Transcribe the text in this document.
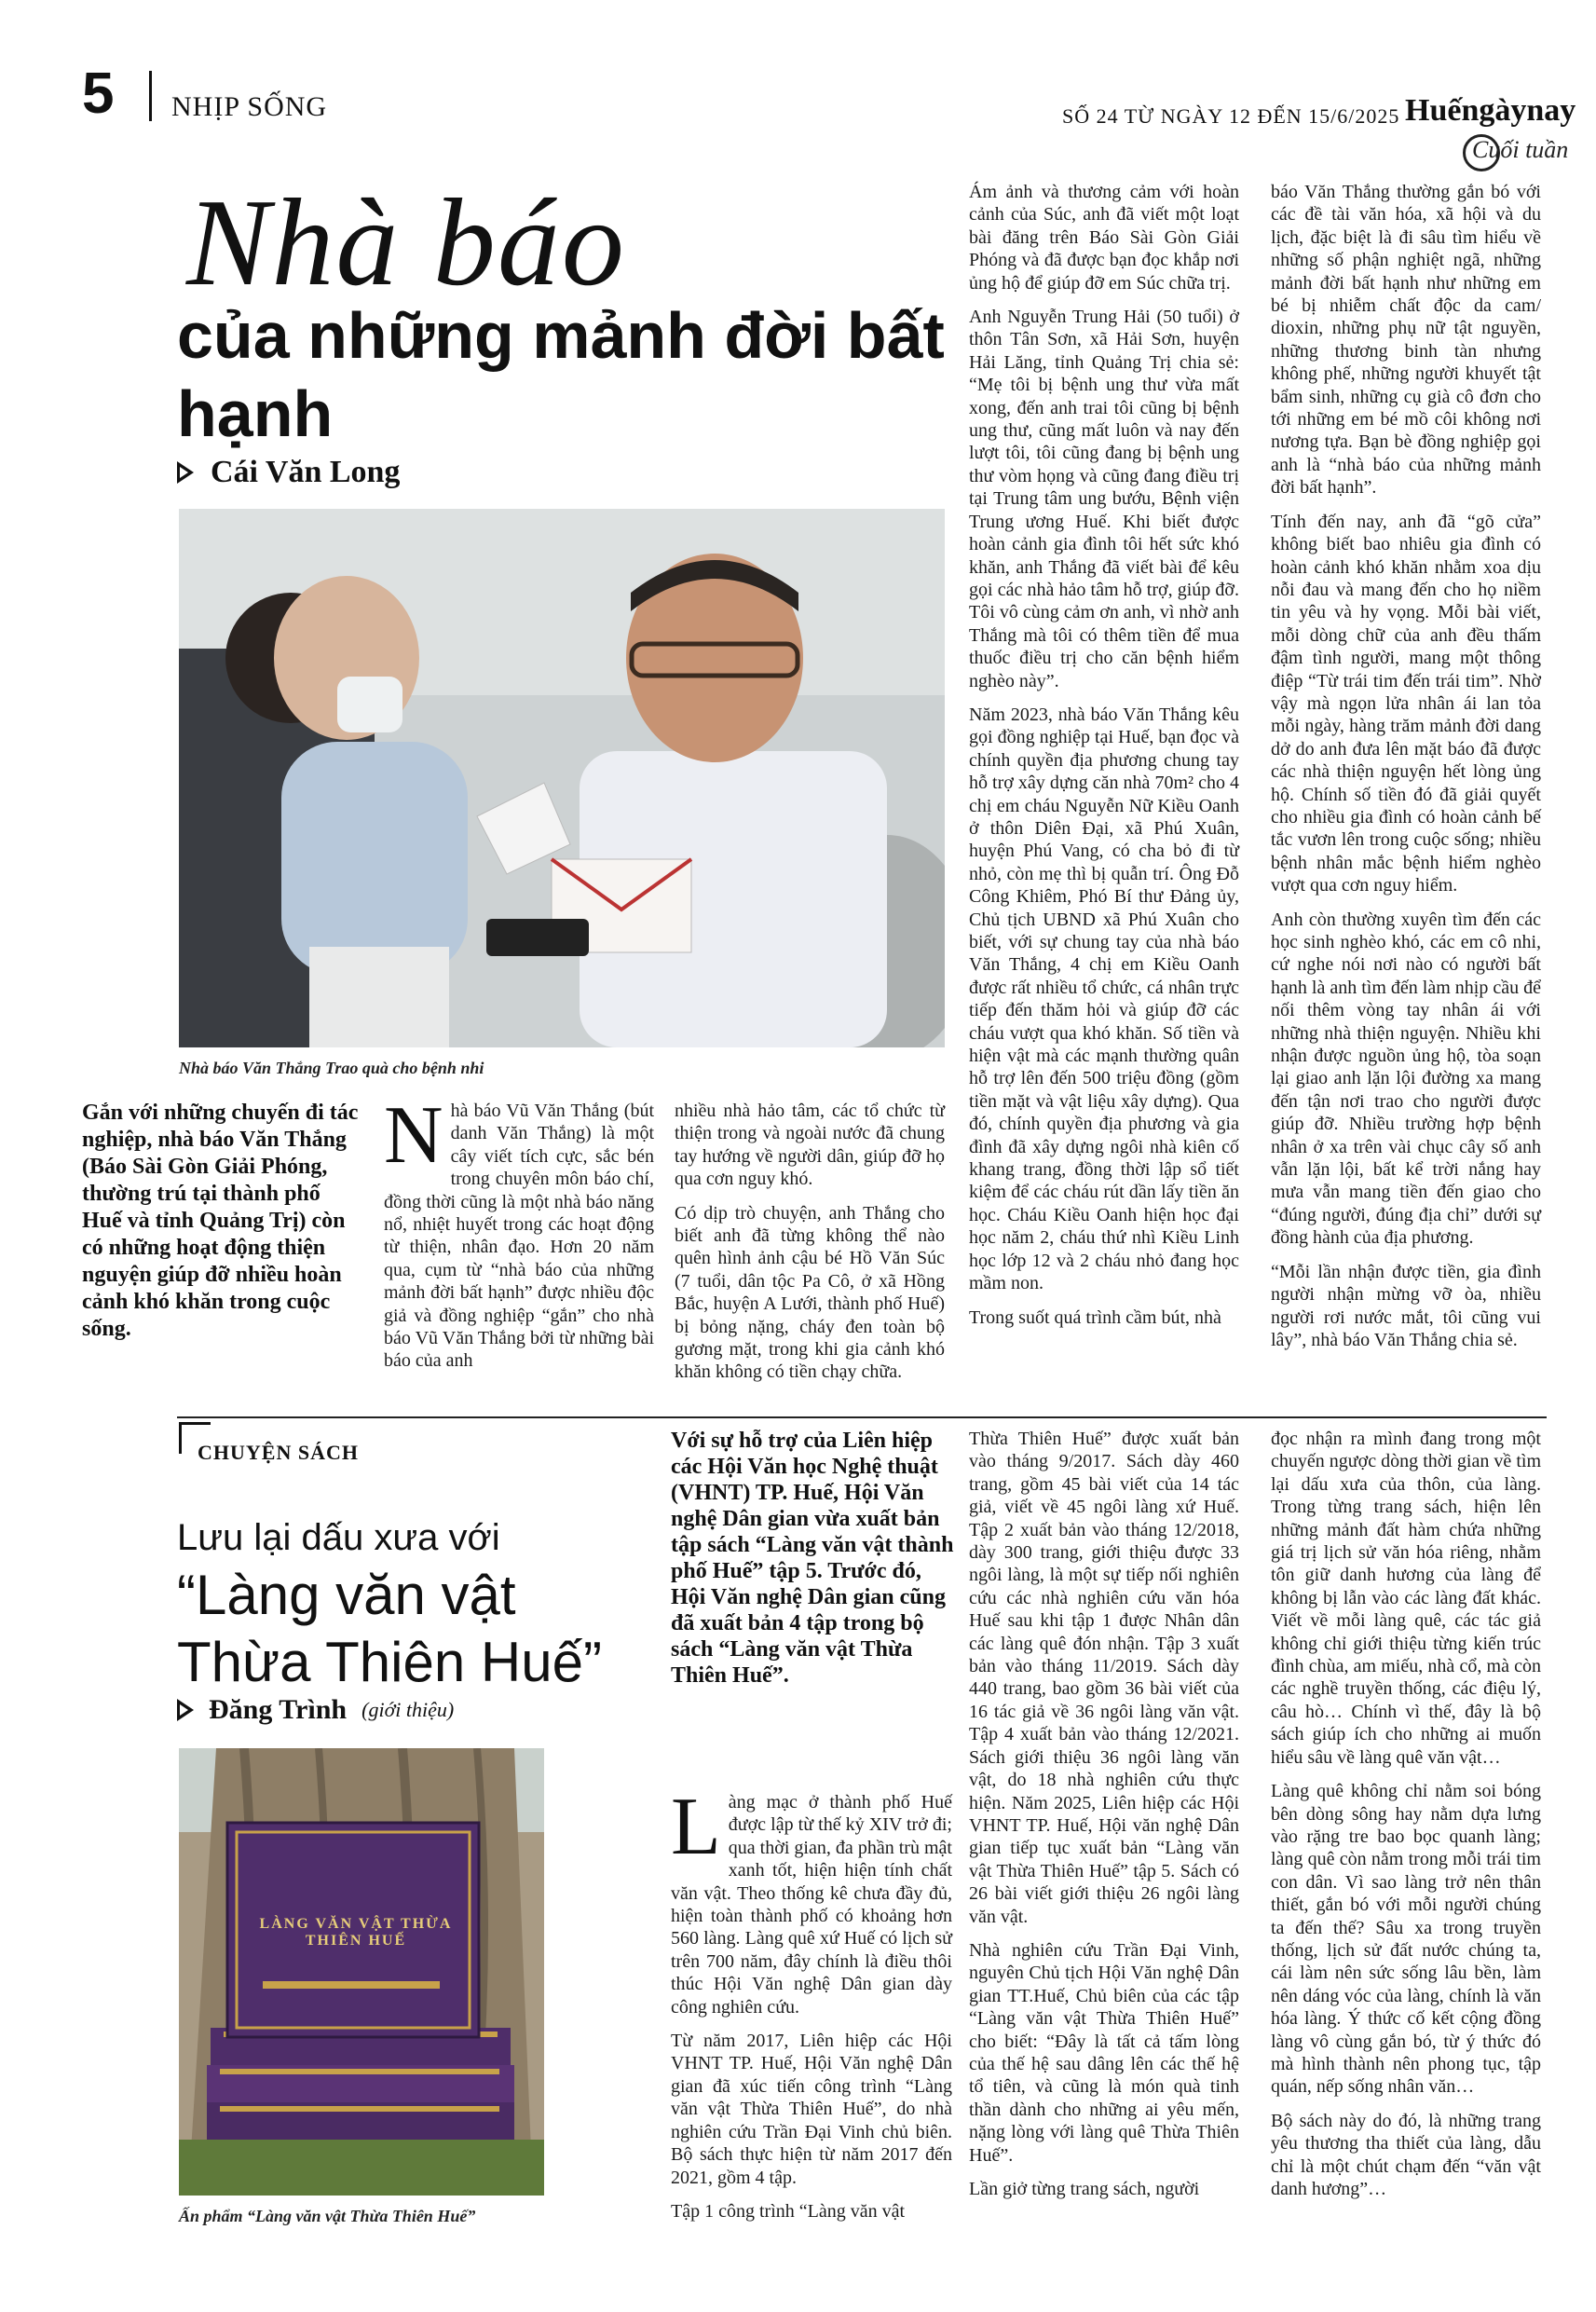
5 NHỊP SỐNG	SỐ 24 TỪ NGÀY 12 ĐẾN 15/6/2025 Huếngàynay
Cuối tuần
Nhà báo
của những mảnh đời bất hạnh
Cái Văn Long
Nhà báo Văn Thắng Trao quà cho bệnh nhi
Gắn với những chuyến đi tác nghiệp, nhà báo Văn Thắng (Báo Sài Gòn Giải Phóng, thường trú tại thành phố Huế và tỉnh Quảng Trị) còn có những hoạt động thiện nguyện giúp đỡ nhiều hoàn cảnh khó khăn trong cuộc sống.

Nhà báo Vũ Văn Thắng (bút danh Văn Thắng) là một cây viết tích cực, sắc bén trong chuyên môn báo chí, đồng thời cũng là một nhà báo năng nổ, nhiệt huyết trong các hoạt động từ thiện, nhân đạo. Hơn 20 năm qua, cụm từ “nhà báo của những mảnh đời bất hạnh” được nhiều độc giả và đồng nghiệp “gắn” cho nhà báo Vũ Văn Thắng bởi từ những bài báo của anh

nhiều nhà hảo tâm, các tổ chức từ thiện trong và ngoài nước đã chung tay hướng về người dân, giúp đỡ họ qua cơn nguy khó.

Có dịp trò chuyện, anh Thắng cho biết anh đã từng không thể nào quên hình ảnh cậu bé Hồ Văn Súc (7 tuổi, dân tộc Pa Cô, ở xã Hồng Bắc, huyện A Lưới, thành phố Huế) bị bỏng nặng, cháy đen toàn bộ gương mặt, trong khi gia cảnh khó khăn không có tiền chạy chữa.

Ám ảnh và thương cảm với hoàn cảnh của Súc, anh đã viết một loạt bài đăng trên Báo Sài Gòn Giải Phóng và đã được bạn đọc khắp nơi ủng hộ để giúp đỡ em Súc chữa trị.

Anh Nguyễn Trung Hải (50 tuổi) ở thôn Tân Sơn, xã Hải Sơn, huyện Hải Lăng, tỉnh Quảng Trị chia sẻ: “Mẹ tôi bị bệnh ung thư vừa mất xong, đến anh trai tôi cũng bị bệnh ung thư, cũng mất luôn và nay đến lượt tôi, tôi cũng đang bị bệnh ung thư vòm họng và cũng đang điều trị tại Trung tâm ung bướu, Bệnh viện Trung ương Huế. Khi biết được hoàn cảnh gia đình tôi hết sức khó khăn, anh Thắng đã viết bài để kêu gọi các nhà hảo tâm hỗ trợ, giúp đỡ. Tôi vô cùng cảm ơn anh, vì nhờ anh Thắng mà tôi có thêm tiền để mua thuốc điều trị cho căn bệnh hiểm nghèo này”.

Năm 2023, nhà báo Văn Thắng kêu gọi đồng nghiệp tại Huế, bạn đọc và chính quyền địa phương chung tay hỗ trợ xây dựng căn nhà 70m² cho 4 chị em cháu Nguyễn Nữ Kiều Oanh ở thôn Diên Đại, xã Phú Xuân, huyện Phú Vang, có cha bỏ đi từ nhỏ, còn mẹ thì bị quẫn trí. Ông Đỗ Công Khiêm, Phó Bí thư Đảng ủy, Chủ tịch UBND xã Phú Xuân cho biết, với sự chung tay của nhà báo Văn Thắng, 4 chị em Kiều Oanh được rất nhiều tổ chức, cá nhân trực tiếp đến thăm hỏi và giúp đỡ các cháu vượt qua khó khăn. Số tiền và hiện vật mà các mạnh thường quân hỗ trợ lên đến 500 triệu đồng (gồm tiền mặt và vật liệu xây dựng). Qua đó, chính quyền địa phương và gia đình đã xây dựng ngôi nhà kiên cố khang trang, đồng thời lập sổ tiết kiệm để các cháu rút dần lấy tiền ăn học. Cháu Kiều Oanh hiện học đại học năm 2, cháu thứ nhì Kiều Linh học lớp 12 và 2 cháu nhỏ đang học mầm non.

Trong suốt quá trình cầm bút, nhà

báo Văn Thắng thường gắn bó với các đề tài văn hóa, xã hội và du lịch, đặc biệt là đi sâu tìm hiểu về những số phận nghiệt ngã, những mảnh đời bất hạnh như những em bé bị nhiễm chất độc da cam/ dioxin, những phụ nữ tật nguyền, những thương binh tàn nhưng không phế, những người khuyết tật bẩm sinh, những cụ già cô đơn cho tới những em bé mồ côi không nơi nương tựa. Bạn bè đồng nghiệp gọi anh là “nhà báo của những mảnh đời bất hạnh”.

Tính đến nay, anh đã “gõ cửa” không biết bao nhiêu gia đình có hoàn cảnh khó khăn nhằm xoa dịu nỗi đau và mang đến cho họ niềm tin yêu và hy vọng. Mỗi bài viết, mỗi dòng chữ của anh đều thấm đậm tình người, mang một thông điệp “Từ trái tim đến trái tim”. Nhờ vậy mà ngọn lửa nhân ái lan tỏa mỗi ngày, hàng trăm mảnh đời dang dở do anh đưa lên mặt báo đã được các nhà thiện nguyện hết lòng ủng hộ. Chính số tiền đó đã giải quyết cho nhiều gia đình có hoàn cảnh bế tắc vươn lên trong cuộc sống; nhiều bệnh nhân mắc bệnh hiểm nghèo vượt qua cơn nguy hiểm.

Anh còn thường xuyên tìm đến các học sinh nghèo khó, các em cô nhi, cứ nghe nói nơi nào có người bất hạnh là anh tìm đến làm nhịp cầu để nối thêm vòng tay nhân ái với những nhà thiện nguyện. Nhiều khi nhận được nguồn ủng hộ, tòa soạn lại giao anh lặn lội đường xa mang đến tận nơi trao cho người được giúp đỡ. Nhiều trường hợp bệnh nhân ở xa trên vài chục cây số anh vẫn lặn lội, bất kể trời nắng hay mưa vẫn mang tiền đến giao cho “đúng người, đúng địa chỉ” dưới sự đồng hành của địa phương.

“Mỗi lần nhận được tiền, gia đình người nhận mừng vỡ òa, nhiều người rơi nước mắt, tôi cũng vui lây”, nhà báo Văn Thắng chia sẻ.

CHUYỆN SÁCH
Lưu lại dấu xưa với
“Làng văn vật Thừa Thiên Huế”
Đăng Trình (giới thiệu)
LÀNG VĂN VẬT THỪA THIÊN HUẾ
Ấn phẩm “Làng văn vật Thừa Thiên Huế”
Với sự hỗ trợ của Liên hiệp các Hội Văn học Nghệ thuật (VHNT) TP. Huế, Hội Văn nghệ Dân gian vừa xuất bản tập sách “Làng văn vật thành phố Huế” tập 5. Trước đó, Hội Văn nghệ Dân gian cũng đã xuất bản 4 tập trong bộ sách “Làng văn vật Thừa Thiên Huế”.

Làng mạc ở thành phố Huế được lập từ thế kỷ XIV trở đi; qua thời gian, đa phần trù mật xanh tốt, hiện hiện tính chất văn vật. Theo thống kê chưa đầy đủ, hiện toàn thành phố có khoảng hơn 560 làng. Làng quê xứ Huế có lịch sử trên 700 năm, đây chính là điều thôi thúc Hội Văn nghệ Dân gian dày công nghiên cứu.

Từ năm 2017, Liên hiệp các Hội VHNT TP. Huế, Hội Văn nghệ Dân gian đã xúc tiến công trình “Làng văn vật Thừa Thiên Huế”, do nhà nghiên cứu Trần Đại Vinh chủ biên. Bộ sách thực hiện từ năm 2017 đến 2021, gồm 4 tập.

Tập 1 công trình “Làng văn vật

Thừa Thiên Huế” được xuất bản vào tháng 9/2017. Sách dày 460 trang, gồm 45 bài viết của 14 tác giả, viết về 45 ngôi làng xứ Huế. Tập 2 xuất bản vào tháng 12/2018, dày 300 trang, giới thiệu được 33 ngôi làng, là một sự tiếp nối nghiên cứu các nhà nghiên cứu văn hóa Huế sau khi tập 1 được Nhân dân các làng quê đón nhận. Tập 3 xuất bản vào tháng 11/2019. Sách dày 440 trang, bao gồm 36 bài viết của 16 tác giả về 36 ngôi làng văn vật. Tập 4 xuất bản vào tháng 12/2021. Sách giới thiệu 36 ngôi làng văn vật, do 18 nhà nghiên cứu thực hiện. Năm 2025, Liên hiệp các Hội VHNT TP. Huế, Hội văn nghệ Dân gian tiếp tục xuất bản “Làng văn vật Thừa Thiên Huế” tập 5. Sách có 26 bài viết giới thiệu 26 ngôi làng văn vật.

Nhà nghiên cứu Trần Đại Vinh, nguyên Chủ tịch Hội Văn nghệ Dân gian TT.Huế, Chủ biên của các tập “Làng văn vật Thừa Thiên Huế” cho biết: “Đây là tất cả tấm lòng của thế hệ sau dâng lên các thế hệ tổ tiên, và cũng là món quà tinh thần dành cho những ai yêu mến, nặng lòng với làng quê Thừa Thiên Huế”.

Lần giở từng trang sách, người

đọc nhận ra mình đang trong một chuyến ngược dòng thời gian về tìm lại dấu xưa của thôn, của làng. Trong từng trang sách, hiện lên những mảnh đất hàm chứa những giá trị lịch sử văn hóa riêng, nhằm tôn giữ danh hương của làng để không bị lẫn vào các làng đất khác. Viết về mỗi làng quê, các tác giả không chỉ giới thiệu từng kiến trúc đình chùa, am miếu, nhà cổ, mà còn các nghề truyền thống, các điệu lý, câu hò… Chính vì thế, đây là bộ sách giúp ích cho những ai muốn hiểu sâu về làng quê văn vật…

Làng quê không chỉ nằm soi bóng bên dòng sông hay nằm dựa lưng vào rặng tre bao bọc quanh làng; làng quê còn nằm trong mỗi trái tim con dân. Vì sao làng trở nên thân thiết, gắn bó với mỗi người chúng ta đến thế? Sâu xa trong truyền thống, lịch sử đất nước chúng ta, cái làm nên sức sống lâu bền, làm nên dáng vóc của làng, chính là văn hóa làng. Ý thức cố kết cộng đồng làng vô cùng gắn bó, từ ý thức đó mà hình thành nên phong tục, tập quán, nếp sống nhân văn…

Bộ sách này do đó, là những trang yêu thương tha thiết của làng, dẫu chỉ là một chút chạm đến “văn vật danh hương”…
